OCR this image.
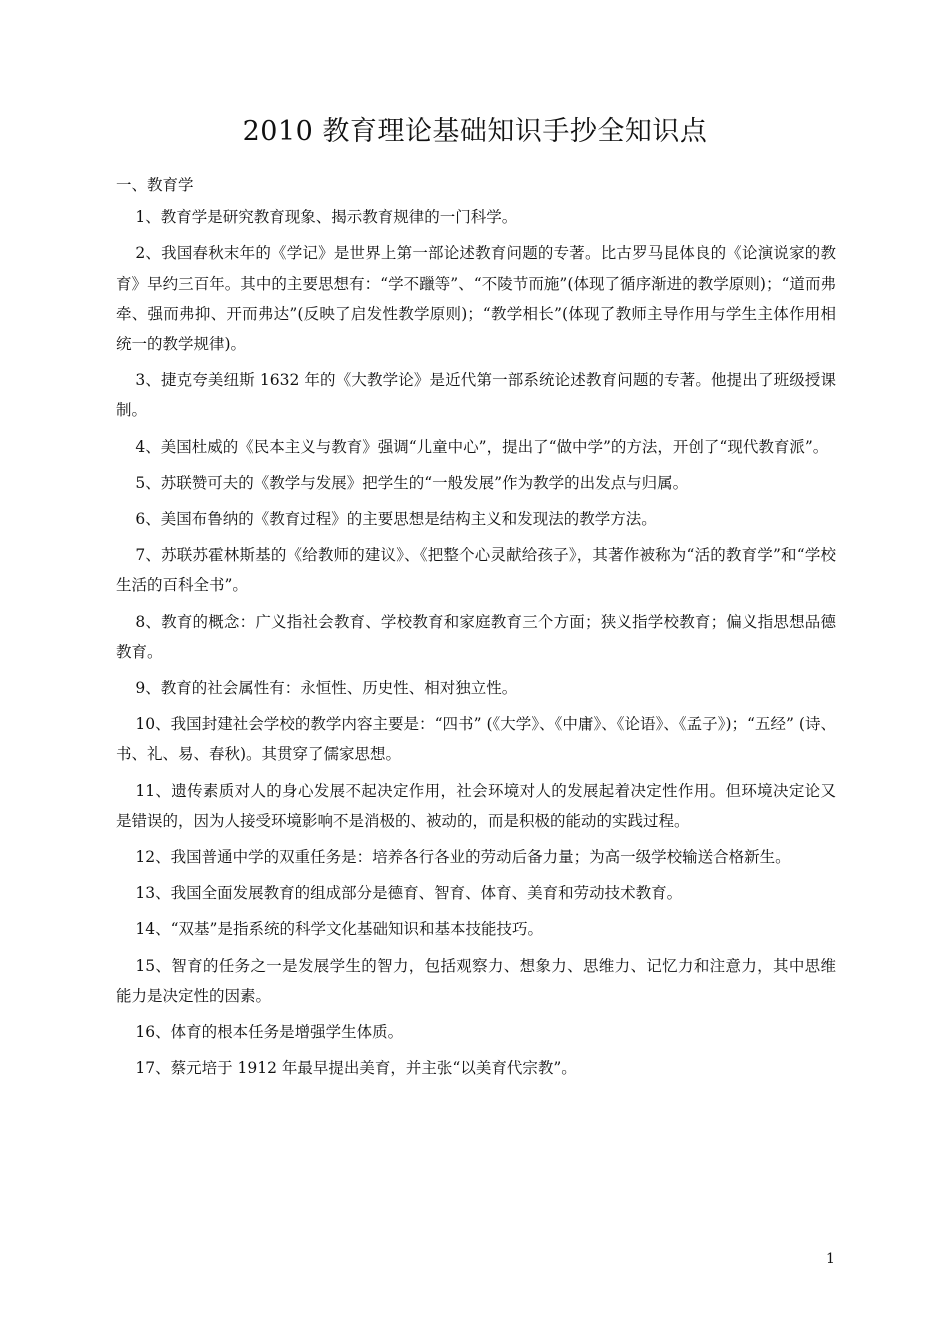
2010 教育理论基础知识手抄全知识点

一、教育学

1、教育学是研究教育现象、揭示教育规律的一门科学。

2、我国春秋末年的《学记》是世界上第一部论述教育问题的专著。比古罗马昆体良的《论演说家的教育》早约三百年。其中的主要思想有：“学不躐等”、“不陵节而施”(体现了循序渐进的教学原则)；“道而弗牵、强而弗抑、开而弗达”(反映了启发性教学原则)；“教学相长”(体现了教师主导作用与学生主体作用相统一的教学规律)。

3、捷克夸美纽斯 1632 年的《大教学论》是近代第一部系统论述教育问题的专著。他提出了班级授课制。

4、美国杜威的《民本主义与教育》强调“儿童中心”，提出了“做中学”的方法，开创了“现代教育派”。

5、苏联赞可夫的《教学与发展》把学生的“一般发展”作为教学的出发点与归属。

6、美国布鲁纳的《教育过程》的主要思想是结构主义和发现法的教学方法。

7、苏联苏霍林斯基的《给教师的建议》、《把整个心灵献给孩子》，其著作被称为“活的教育学”和“学校生活的百科全书”。

8、教育的概念：广义指社会教育、学校教育和家庭教育三个方面；狭义指学校教育；偏义指思想品德教育。

9、教育的社会属性有：永恒性、历史性、相对独立性。

10、我国封建社会学校的教学内容主要是：“四书” (《大学》、《中庸》、《论语》、《孟子》)；“五经” (诗、书、礼、易、春秋)。其贯穿了儒家思想。

11、遗传素质对人的身心发展不起决定作用，社会环境对人的发展起着决定性作用。但环境决定论又是错误的，因为人接受环境影响不是消极的、被动的，而是积极的能动的实践过程。

12、我国普通中学的双重任务是：培养各行各业的劳动后备力量；为高一级学校输送合格新生。

13、我国全面发展教育的组成部分是德育、智育、体育、美育和劳动技术教育。

14、“双基”是指系统的科学文化基础知识和基本技能技巧。

15、智育的任务之一是发展学生的智力，包括观察力、想象力、思维力、记忆力和注意力，其中思维能力是决定性的因素。

16、体育的根本任务是增强学生体质。

17、蔡元培于 1912 年最早提出美育，并主张“以美育代宗教”。

1
